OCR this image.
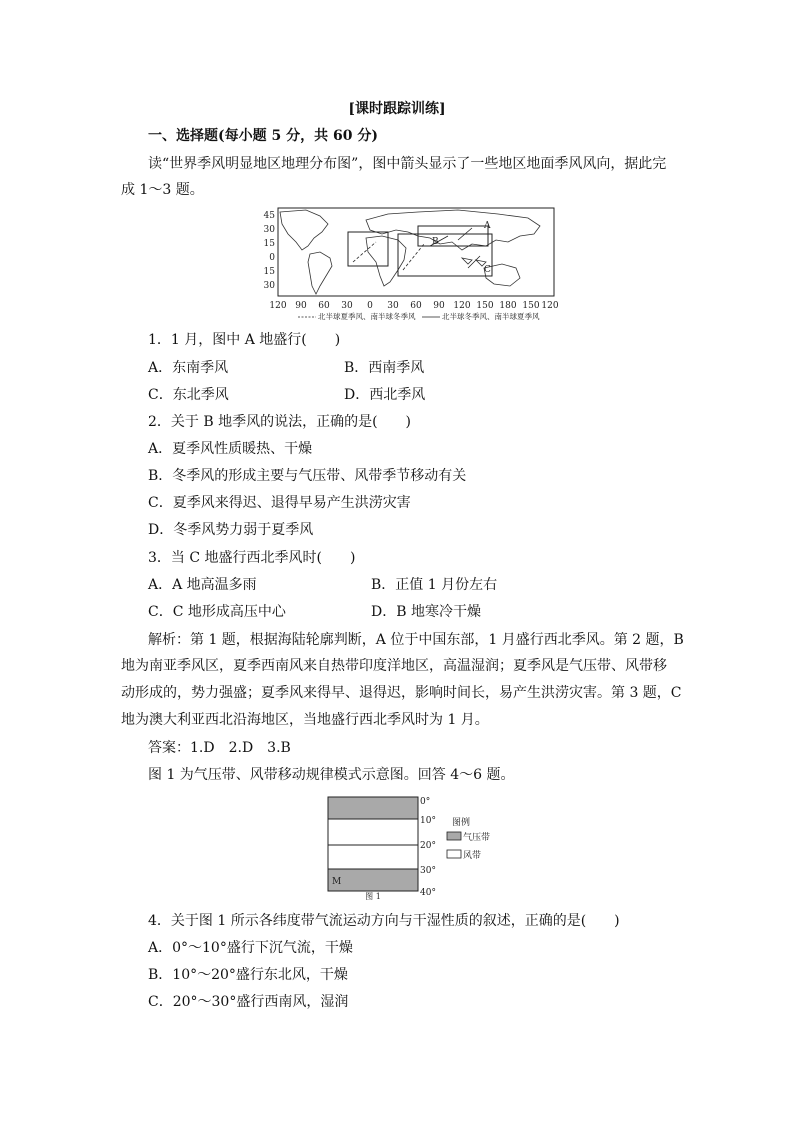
[课时跟踪训练]
一、选择题(每小题 5 分，共 60 分)
读“世界季风明显地区地理分布图”，图中箭头显示了一些地区地面季风风向，据此完
成 1～3 题。
45
30
15
0
15
30
120 90 60 30 0 30 60 90 120 150 180 150 120
A
B
C
北半球夏季风、南半球冬季风	北半球冬季风、南半球夏季风
1．1 月，图中 A 地盛行(　　)
A．东南季风	B．西南季风
C．东北季风	D．西北季风
2．关于 B 地季风的说法，正确的是(　　)
A．夏季风性质暖热、干燥
B．冬季风的形成主要与气压带、风带季节移动有关
C．夏季风来得迟、退得早易产生洪涝灾害
D．冬季风势力弱于夏季风
3．当 C 地盛行西北季风时(　　)
A．A 地高温多雨	B．正值 1 月份左右
C．C 地形成高压中心	D．B 地寒冷干燥
解析：第 1 题，根据海陆轮廓判断，A 位于中国东部，1 月盛行西北季风。第 2 题，B
地为南亚季风区，夏季西南风来自热带印度洋地区，高温湿润；夏季风是气压带、风带移
动形成的，势力强盛；夏季风来得早、退得迟，影响时间长，易产生洪涝灾害。第 3 题，C
地为澳大利亚西北沿海地区，当地盛行西北季风时为 1 月。
答案：1.D　2.D　3.B
图 1 为气压带、风带移动规律模式示意图。回答 4～6 题。
M
0°
10°
20°
30°
40°
图 1
图例
气压带
风带
4．关于图 1 所示各纬度带气流运动方向与干湿性质的叙述，正确的是(　　)
A．0°～10°盛行下沉气流，干燥
B．10°～20°盛行东北风，干燥
C．20°～30°盛行西南风，湿润
